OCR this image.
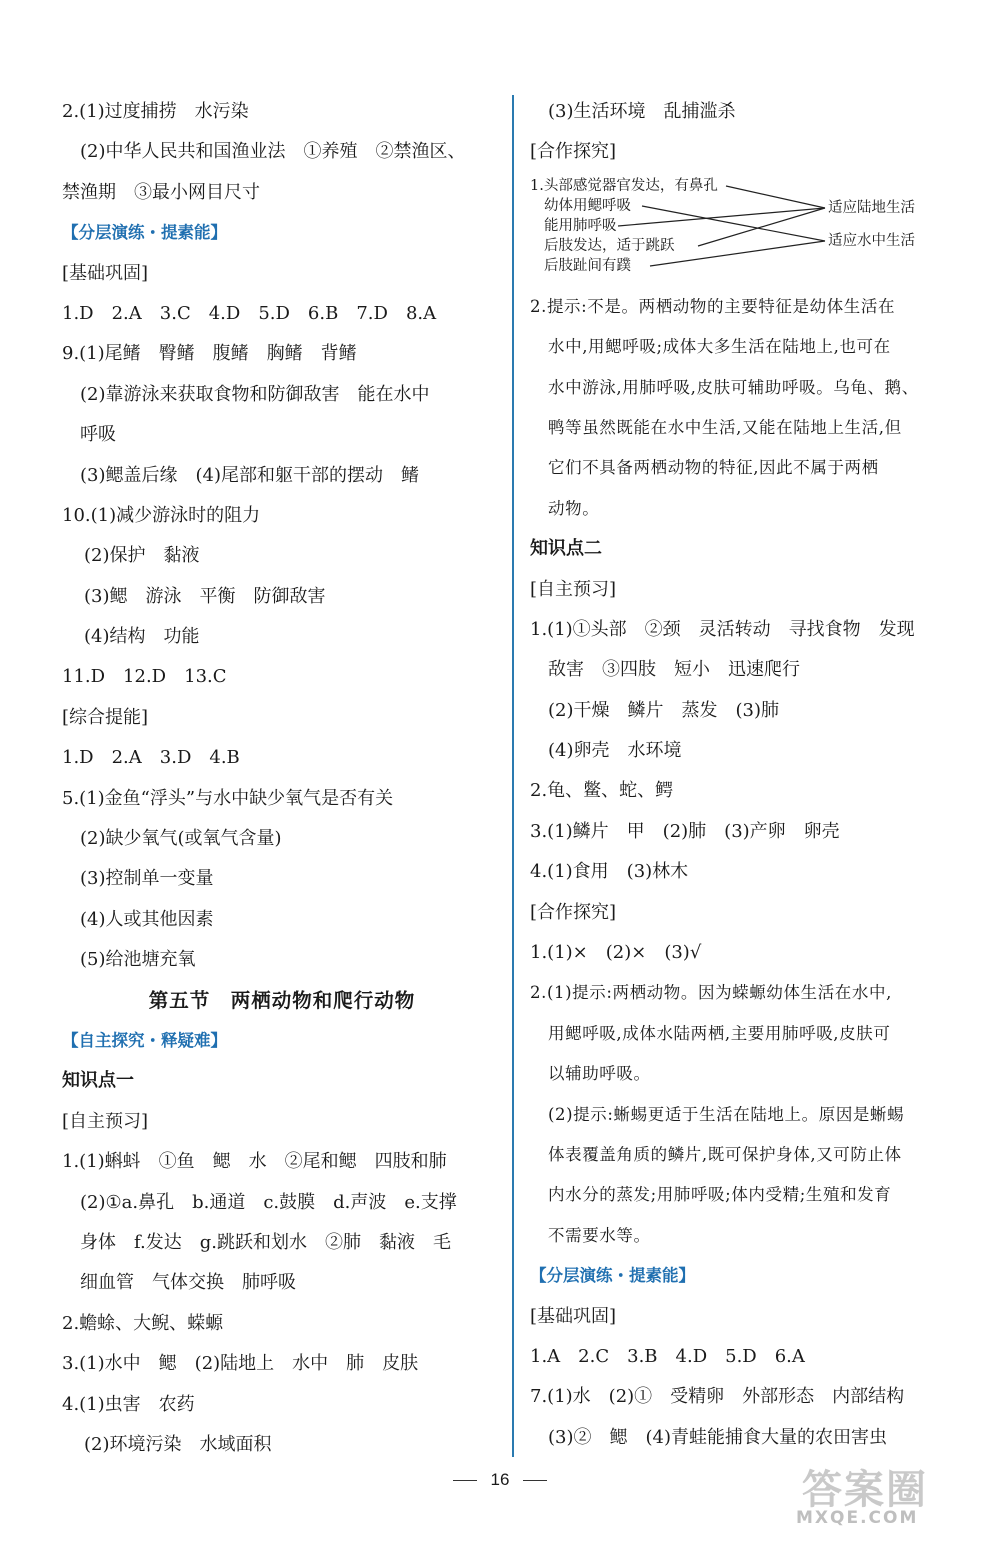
2.(1)过度捕捞　水污染
(2)中华人民共和国渔业法　①养殖　②禁渔区、
禁渔期　③最小网目尺寸
【分层演练・提素能】
[基础巩固]
1.D　2.A　3.C　4.D　5.D　6.B　7.D　8.A
9.(1)尾鳍　臀鳍　腹鳍　胸鳍　背鳍
(2)靠游泳来获取食物和防御敌害　能在水中
呼吸
(3)鳃盖后缘　(4)尾部和躯干部的摆动　鳍
10.(1)减少游泳时的阻力
(2)保护　黏液
(3)鳃　游泳　平衡　防御敌害
(4)结构　功能
11.D　12.D　13.C
[综合提能]
1.D　2.A　3.D　4.B
5.(1)金鱼“浮头”与水中缺少氧气是否有关
(2)缺少氧气(或氧气含量)
(3)控制单一变量
(4)人或其他因素
(5)给池塘充氧
第五节　两栖动物和爬行动物
【自主探究・释疑难】
知识点一
[自主预习]
1.(1)蝌蚪　①鱼　鳃　水　②尾和鳃　四肢和肺
(2)①a.鼻孔　b.通道　c.鼓膜　d.声波　e.支撑
身体　f.发达　g.跳跃和划水　②肺　黏液　毛
细血管　气体交换　肺呼吸
2.蟾蜍、大鲵、蝾螈
3.(1)水中　鳃　(2)陆地上　水中　肺　皮肤
4.(1)虫害　农药
(2)环境污染　水域面积
(3)生活环境　乱捕滥杀
[合作探究]
1.头部感觉器官发达，有鼻孔
幼体用鳃呼吸
能用肺呼吸
后肢发达，适于跳跃
后肢趾间有蹼
适应陆地生活
适应水中生活
2.提示:不是。两栖动物的主要特征是幼体生活在
水中,用鳃呼吸;成体大多生活在陆地上,也可在
水中游泳,用肺呼吸,皮肤可辅助呼吸。乌龟、鹅、
鸭等虽然既能在水中生活,又能在陆地上生活,但
它们不具备两栖动物的特征,因此不属于两栖
动物。
知识点二
[自主预习]
1.(1)①头部　②颈　灵活转动　寻找食物　发现
敌害　③四肢　短小　迅速爬行
(2)干燥　鳞片　蒸发　(3)肺
(4)卵壳　水环境
2.龟、鳖、蛇、鳄
3.(1)鳞片　甲　(2)肺　(3)产卵　卵壳
4.(1)食用　(3)林木
[合作探究]
1.(1)×　(2)×　(3)√
2.(1)提示:两栖动物。因为蝾螈幼体生活在水中,
用鳃呼吸,成体水陆两栖,主要用肺呼吸,皮肤可
以辅助呼吸。
(2)提示:蜥蜴更适于生活在陆地上。原因是蜥蜴
体表覆盖角质的鳞片,既可保护身体,又可防止体
内水分的蒸发;用肺呼吸;体内受精;生殖和发育
不需要水等。
【分层演练・提素能】
[基础巩固]
1.A　2.C　3.B　4.D　5.D　6.A
7.(1)水　(2)①　受精卵　外部形态　内部结构
(3)②　鳃　(4)青蛙能捕食大量的农田害虫
16	答案圈
MXQE.COM
